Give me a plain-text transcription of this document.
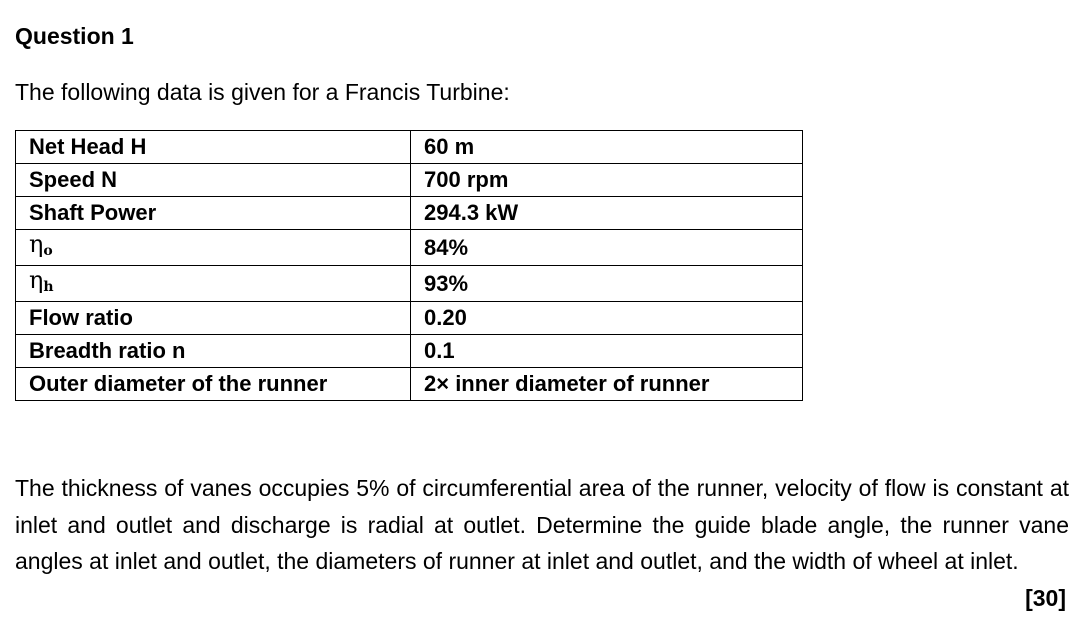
Question 1
The following data is given for a Francis Turbine:
Net Head H	60 m
Speed N	700 rpm
Shaft Power	294.3 kW
$\eta_o$	84%
$\eta_h$	93%
Flow ratio	0.20
Breadth ratio n	0.1
Outer diameter of the runner	2× inner diameter of runner

The thickness of vanes occupies 5% of circumferential area of the runner, velocity of flow is constant at inlet and outlet and discharge is radial at outlet. Determine the guide blade angle, the runner vane angles at inlet and outlet, the diameters of runner at inlet and outlet, and the width of wheel at inlet.

[30]
